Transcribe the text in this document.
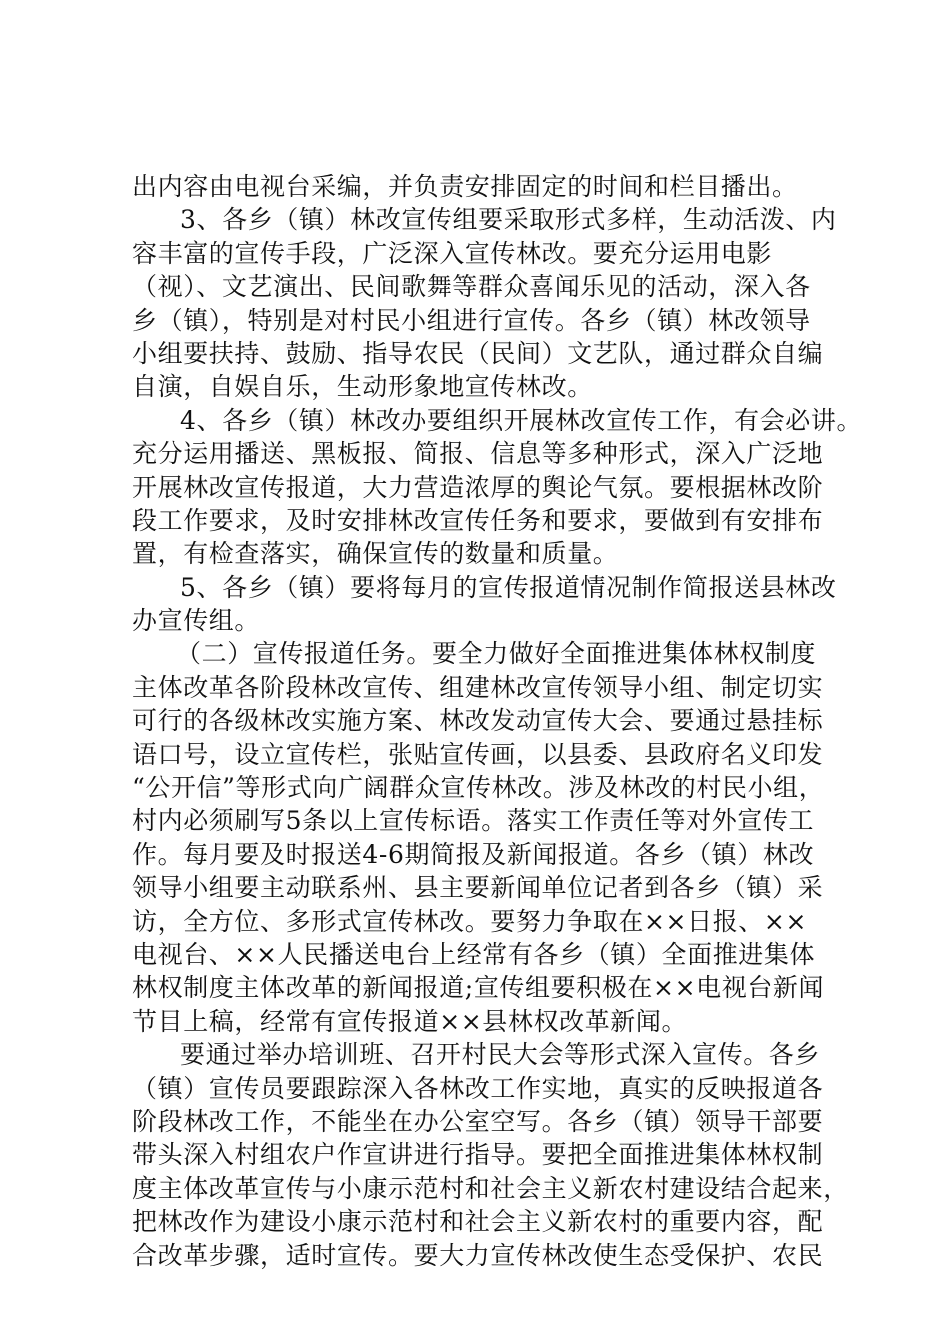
出内容由电视台采编，并负责安排固定的时间和栏目播出。
3、各乡（镇）林改宣传组要采取形式多样，生动活泼、内
容丰富的宣传手段，广泛深入宣传林改。要充分运用电影
（视）、文艺演出、民间歌舞等群众喜闻乐见的活动，深入各
乡（镇），特别是对村民小组进行宣传。各乡（镇）林改领导
小组要扶持、鼓励、指导农民（民间）文艺队，通过群众自编
自演，自娱自乐，生动形象地宣传林改。
4、各乡（镇）林改办要组织开展林改宣传工作，有会必讲。
充分运用播送、黑板报、简报、信息等多种形式，深入广泛地
开展林改宣传报道，大力营造浓厚的舆论气氛。要根据林改阶
段工作要求，及时安排林改宣传任务和要求，要做到有安排布
置，有检查落实，确保宣传的数量和质量。
5、各乡（镇）要将每月的宣传报道情况制作简报送县林改
办宣传组。
（二）宣传报道任务。要全力做好全面推进集体林权制度
主体改革各阶段林改宣传、组建林改宣传领导小组、制定切实
可行的各级林改实施方案、林改发动宣传大会、要通过悬挂标
语口号，设立宣传栏，张贴宣传画，以县委、县政府名义印发
“公开信”等形式向广阔群众宣传林改。涉及林改的村民小组，
村内必须刷写5条以上宣传标语。落实工作责任等对外宣传工
作。每月要及时报送4-6期简报及新闻报道。各乡（镇）林改
领导小组要主动联系州、县主要新闻单位记者到各乡（镇）采
访，全方位、多形式宣传林改。要努力争取在××日报、××
电视台、××人民播送电台上经常有各乡（镇）全面推进集体
林权制度主体改革的新闻报道;宣传组要积极在××电视台新闻
节目上稿，经常有宣传报道××县林权改革新闻。
要通过举办培训班、召开村民大会等形式深入宣传。各乡
（镇）宣传员要跟踪深入各林改工作实地，真实的反映报道各
阶段林改工作，不能坐在办公室空写。各乡（镇）领导干部要
带头深入村组农户作宣讲进行指导。要把全面推进集体林权制
度主体改革宣传与小康示范村和社会主义新农村建设结合起来，
把林改作为建设小康示范村和社会主义新农村的重要内容，配
合改革步骤，适时宣传。要大力宣传林改使生态受保护、农民
